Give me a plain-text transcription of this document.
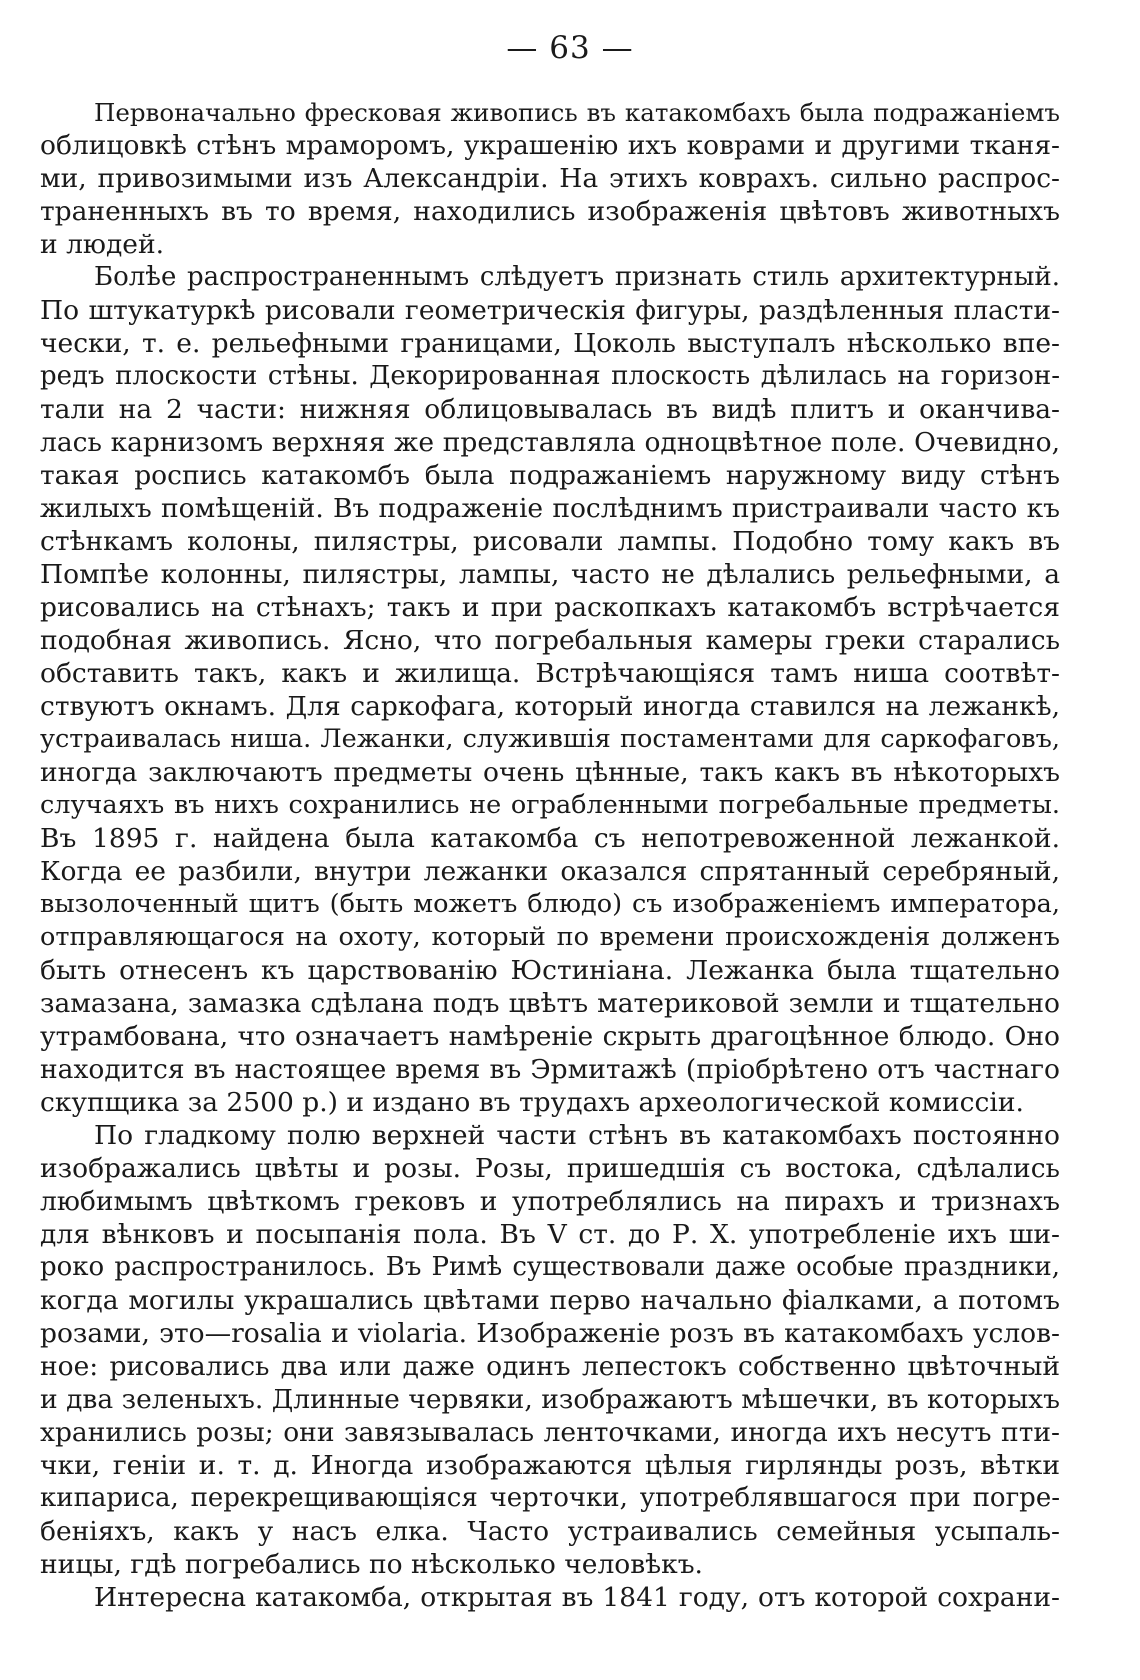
— 63 —
Первоначально фресковая живопись въ катакомбахъ была подражаніемъ
облицовкѣ стѣнъ мраморомъ, украшенію ихъ коврами и другими тканя-
ми, привозимыми изъ Александріи. На этихъ коврахъ. сильно распрос-
траненныхъ въ то время, находились изображенія цвѣтовъ животныхъ
и людей.
Болѣе распространеннымъ слѣдуетъ признать стиль архитектурный.
По штукатуркѣ рисовали геометрическія фигуры, раздѣленныя пласти-
чески, т. е. рельефными границами, Цоколь выступалъ нѣсколько впе-
редъ плоскости стѣны. Декорированная плоскость дѣлилась на горизон-
тали на 2 части: нижняя облицовывалась въ видѣ плитъ и оканчива-
лась карнизомъ верхняя же представляла одноцвѣтное поле. Очевидно,
такая роспись катакомбъ была подражаніемъ наружному виду стѣнъ
жилыхъ помѣщеній. Въ подраженіе послѣднимъ пристраивали часто къ
стѣнкамъ колоны, пилястры, рисовали лампы. Подобно тому какъ въ
Помпѣе колонны, пилястры, лампы, часто не дѣлались рельефными, а
рисовались на стѣнахъ; такъ и при раскопкахъ катакомбъ встрѣчается
подобная живопись. Ясно, что погребальныя камеры греки старались
обставить такъ, какъ и жилища. Встрѣчающіяся тамъ ниша соотвѣт-
ствуютъ окнамъ. Для саркофага, который иногда ставился на лежанкѣ,
устраивалась ниша. Лежанки, служившія постаментами для саркофаговъ,
иногда заключаютъ предметы очень цѣнные, такъ какъ въ нѣкоторыхъ
случаяхъ въ нихъ сохранились не ограбленными погребальные предметы.
Въ 1895 г. найдена была катакомба съ непотревоженной лежанкой.
Когда ее разбили, внутри лежанки оказался спрятанный серебряный,
вызолоченный щитъ (быть можетъ блюдо) съ изображеніемъ императора,
отправляющагося на охоту, который по времени происхожденія долженъ
быть отнесенъ къ царствованію Юстиніана. Лежанка была тщательно
замазана, замазка сдѣлана подъ цвѣтъ материковой земли и тщательно
утрамбована, что означаетъ намѣреніе скрыть драгоцѣнное блюдо. Оно
находится въ настоящее время въ Эрмитажѣ (пріобрѣтено отъ частнаго
скупщика за 2500 р.) и издано въ трудахъ археологической комиссіи.
По гладкому полю верхней части стѣнъ въ катакомбахъ постоянно
изображались цвѣты и розы. Розы, пришедшія съ востока, сдѣлались
любимымъ цвѣткомъ грековъ и употреблялись на пирахъ и тризнахъ
для вѣнковъ и посыпанія пола. Въ V ст. до Р. Х. употребленіе ихъ ши-
роко распространилось. Въ Римѣ существовали даже особые праздники,
когда могилы украшались цвѣтами перво начально фіалками, а потомъ
розами, это—rosalia и violaria. Изображеніе розъ въ катакомбахъ услов-
ное: рисовались два или даже одинъ лепестокъ собственно цвѣточный
и два зеленыхъ. Длинные червяки, изображаютъ мѣшечки, въ которыхъ
хранились розы; они завязывалась ленточками, иногда ихъ несутъ пти-
чки, геніи и. т. д. Иногда изображаются цѣлыя гирлянды розъ, вѣтки
кипариса, перекрещивающіяся черточки, употреблявшагося при погре-
беніяхъ, какъ у насъ елка. Часто устраивались семейныя усыпаль-
ницы, гдѣ погребались по нѣсколько человѣкъ.
Интересна катакомба, открытая въ 1841 году, отъ которой сохрани-
